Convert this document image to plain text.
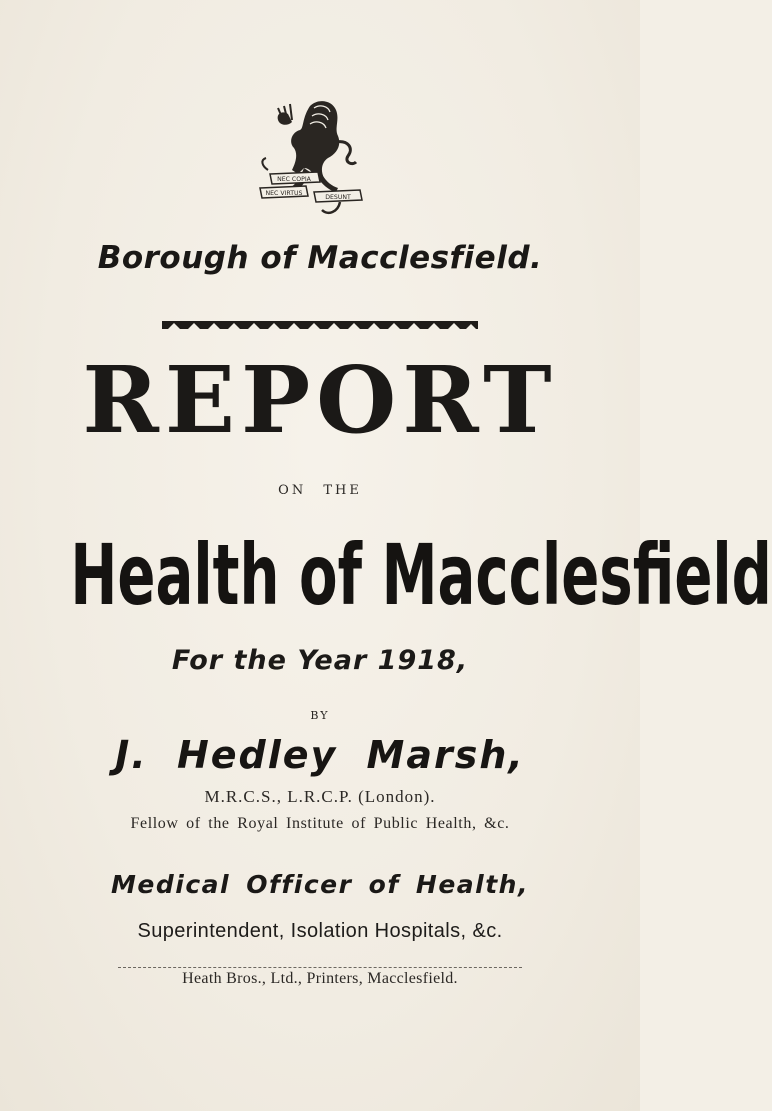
NEC COPIA
NEC VIRTUS
DESUNT
Borough of Macclesfield.
REPORT
ON THE
Health of Macclesfield
For the Year 1918,
BY
J. Hedley Marsh,
M.R.C.S., L.R.C.P. (London).
Fellow of the Royal Institute of Public Health, &c.
Medical Officer of Health,
Superintendent, Isolation Hospitals, &c.
Heath Bros., Ltd., Printers, Macclesfield.
